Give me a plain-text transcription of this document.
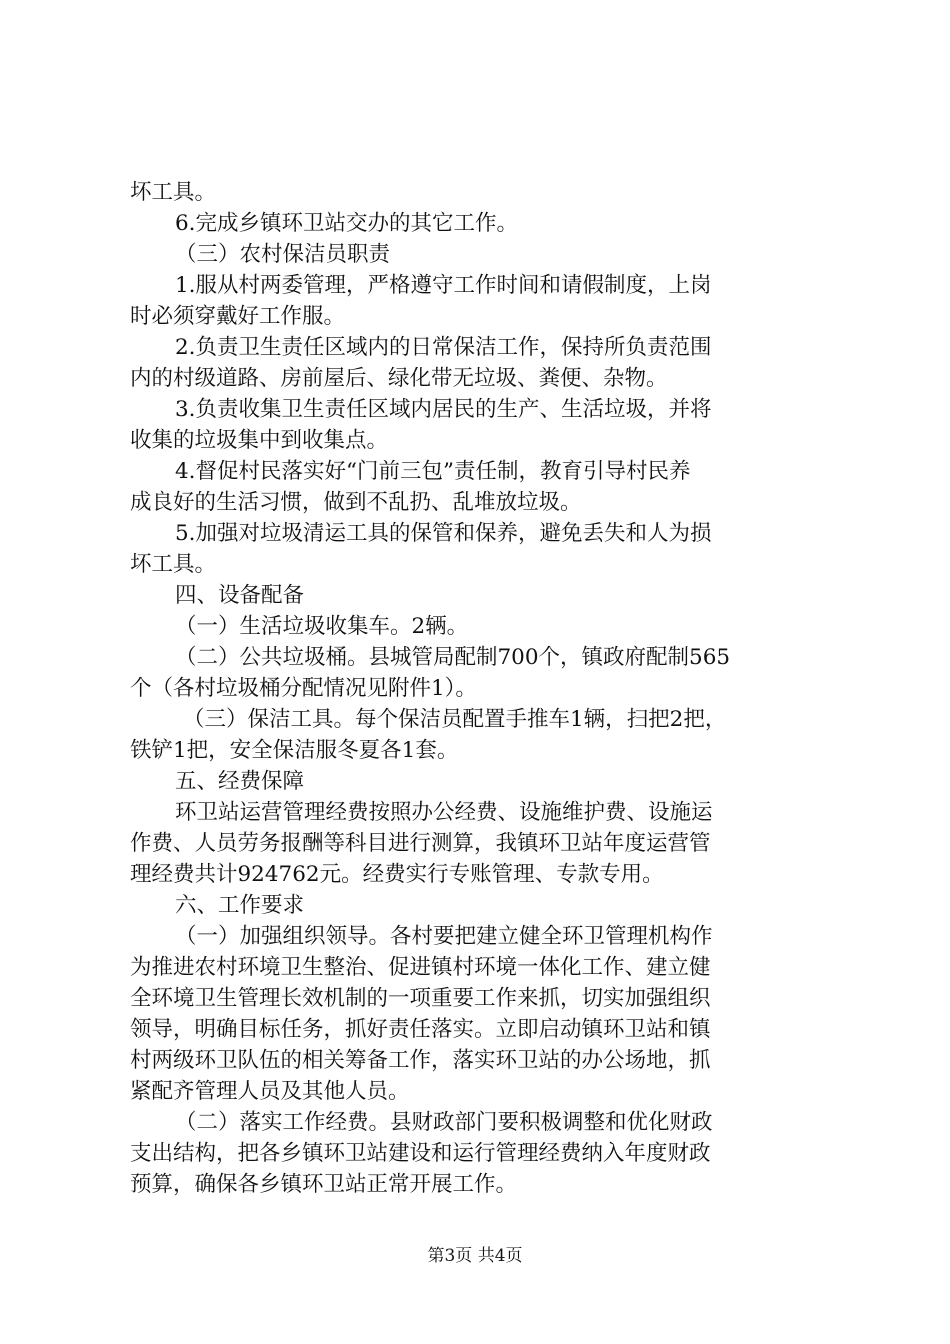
坏工具。
6.完成乡镇环卫站交办的其它工作。
（三）农村保洁员职责
1.服从村两委管理，严格遵守工作时间和请假制度，上岗
时必须穿戴好工作服。
2.负责卫生责任区域内的日常保洁工作，保持所负责范围
内的村级道路、房前屋后、绿化带无垃圾、粪便、杂物。
3.负责收集卫生责任区域内居民的生产、生活垃圾，并将
收集的垃圾集中到收集点。
4.督促村民落实好“门前三包”责任制，教育引导村民养
成良好的生活习惯，做到不乱扔、乱堆放垃圾。
5.加强对垃圾清运工具的保管和保养，避免丢失和人为损
坏工具。
四、设备配备
（一）生活垃圾收集车。2辆。
（二）公共垃圾桶。县城管局配制700个，镇政府配制565
个（各村垃圾桶分配情况见附件1）。
（三）保洁工具。每个保洁员配置手推车1辆，扫把2把，
铁铲1把，安全保洁服冬夏各1套。
五、经费保障
环卫站运营管理经费按照办公经费、设施维护费、设施运
作费、人员劳务报酬等科目进行测算，我镇环卫站年度运营管
理经费共计924762元。经费实行专账管理、专款专用。
六、工作要求
（一）加强组织领导。各村要把建立健全环卫管理机构作
为推进农村环境卫生整治、促进镇村环境一体化工作、建立健
全环境卫生管理长效机制的一项重要工作来抓，切实加强组织
领导，明确目标任务，抓好责任落实。立即启动镇环卫站和镇
村两级环卫队伍的相关筹备工作，落实环卫站的办公场地，抓
紧配齐管理人员及其他人员。
（二）落实工作经费。县财政部门要积极调整和优化财政
支出结构，把各乡镇环卫站建设和运行管理经费纳入年度财政
预算，确保各乡镇环卫站正常开展工作。
第3页 共4页
